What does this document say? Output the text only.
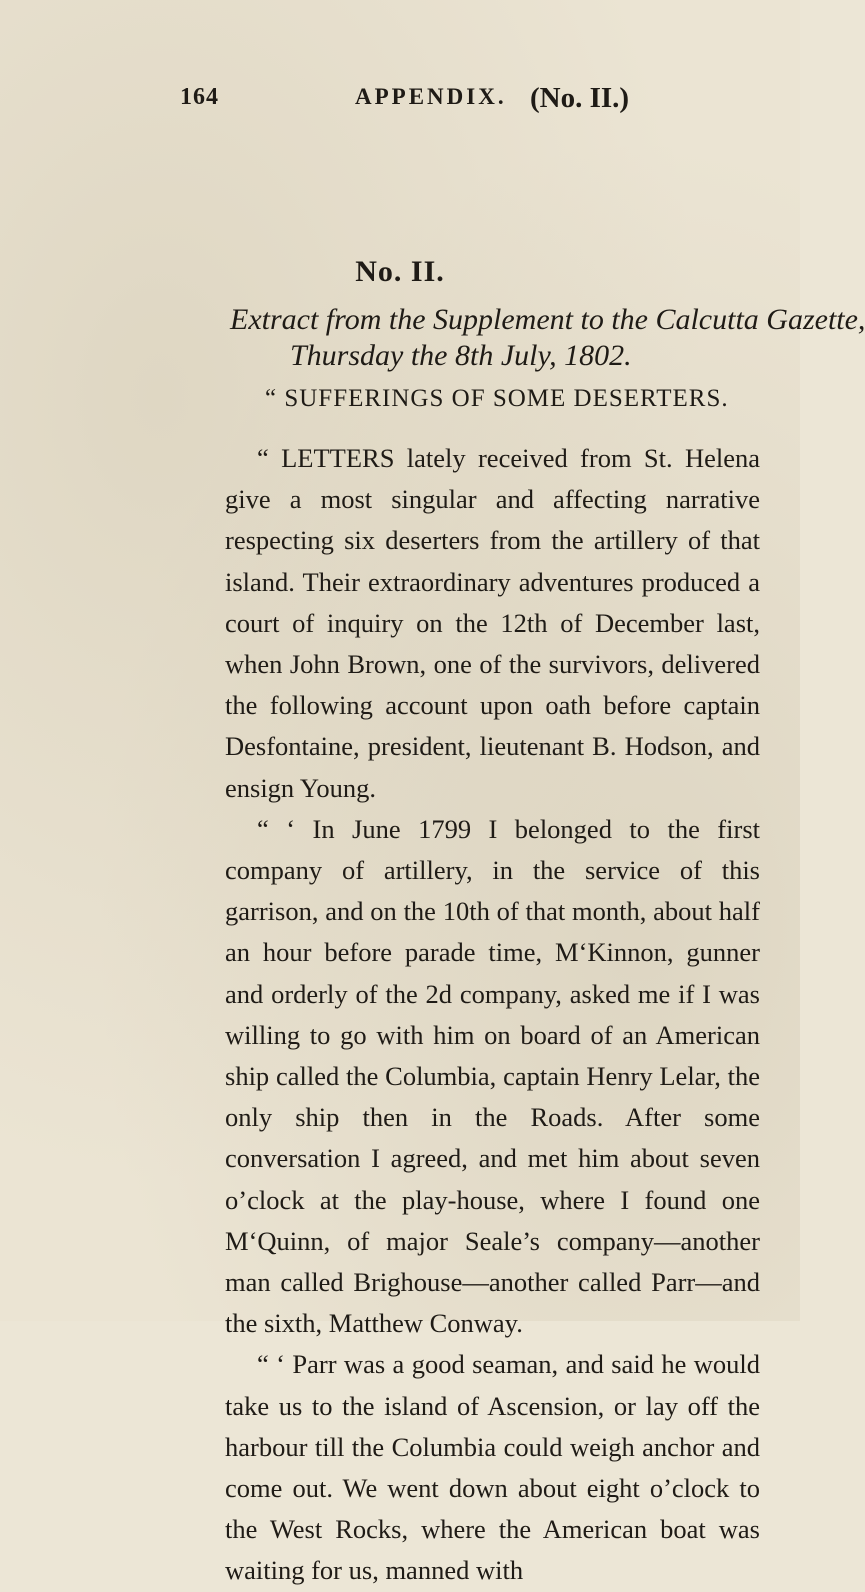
164	APPENDIX. (No. II.)
No. II.
Extract from the Supplement to the Calcutta Gazette,
Thursday the 8th July, 1802.
“ SUFFERINGS OF SOME DESERTERS.

“ LETTERS lately received from St. Helena give a most singular and affecting narrative respecting six deserters from the artillery of that island. Their extraordinary adventures produced a court of inquiry on the 12th of December last, when John Brown, one of the survivors, delivered the following account upon oath before captain Desfontaine, president, lieutenant B. Hodson, and ensign Young.

“ ‘ In June 1799 I belonged to the first company of artillery, in the service of this garrison, and on the 10th of that month, about half an hour before parade time, M‘Kinnon, gunner and orderly of the 2d company, asked me if I was willing to go with him on board of an American ship called the Columbia, captain Henry Lelar, the only ship then in the Roads. After some conversation I agreed, and met him about seven o’clock at the play-house, where I found one M‘Quinn, of major Seale’s company—another man called Brighouse—another called Parr—and the sixth, Matthew Conway.

“ ‘ Parr was a good seaman, and said he would take us to the island of Ascension, or lay off the harbour till the Columbia could weigh anchor and come out. We went down about eight o’clock to the West Rocks, where the American boat was waiting for us, manned with
